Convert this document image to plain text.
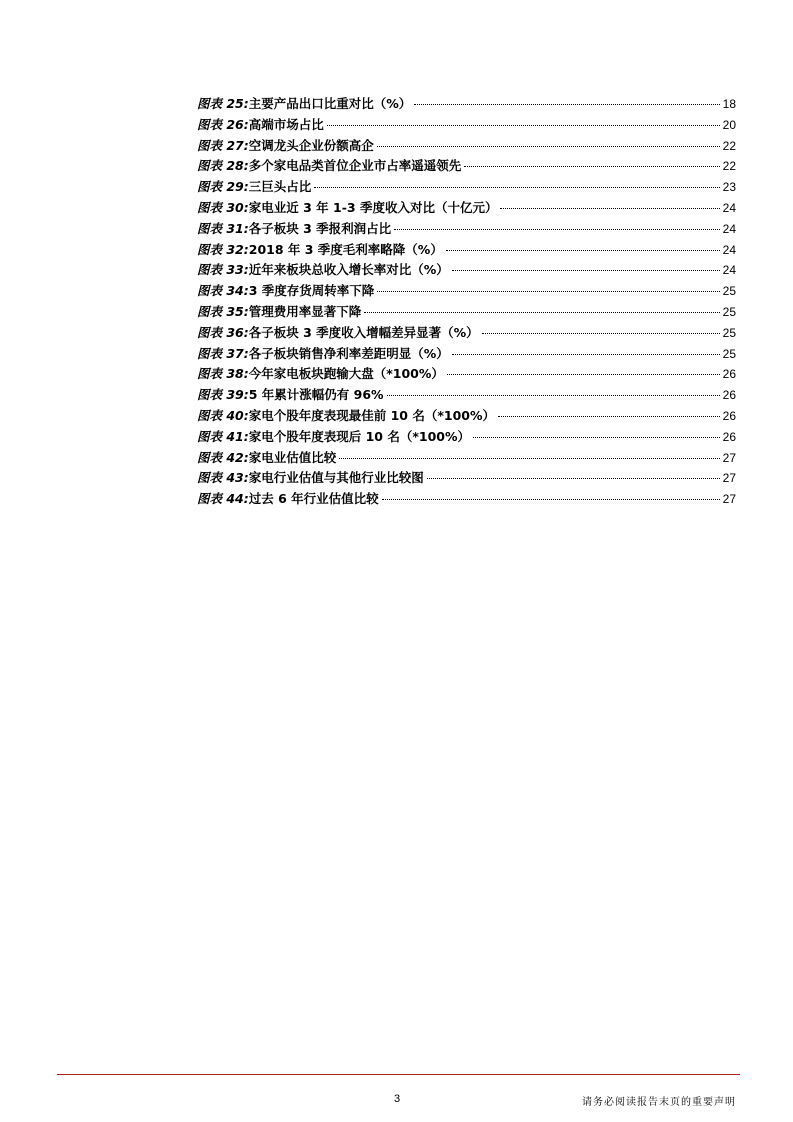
图表 25: 主要产品出口比重对比（%）	18
图表 26: 高端市场占比	20
图表 27: 空调龙头企业份额高企	22
图表 28: 多个家电品类首位企业市占率遥遥领先	22
图表 29: 三巨头占比	23
图表 30: 家电业近 3 年 1-3 季度收入对比（十亿元）	24
图表 31: 各子板块 3 季报利润占比	24
图表 32: 2018 年 3 季度毛利率略降（%）	24
图表 33: 近年来板块总收入增长率对比（%）	24
图表 34: 3 季度存货周转率下降	25
图表 35: 管理费用率显著下降	25
图表 36: 各子板块 3 季度收入增幅差异显著（%）	25
图表 37: 各子板块销售净利率差距明显（%）	25
图表 38: 今年家电板块跑输大盘（*100%）	26
图表 39: 5 年累计涨幅仍有 96%	26
图表 40: 家电个股年度表现最佳前 10 名（*100%）	26
图表 41: 家电个股年度表现后 10 名（*100%）	26
图表 42: 家电业估值比较	27
图表 43: 家电行业估值与其他行业比较图	27
图表 44: 过去 6 年行业估值比较	27
3	请务必阅读报告末页的重要声明
